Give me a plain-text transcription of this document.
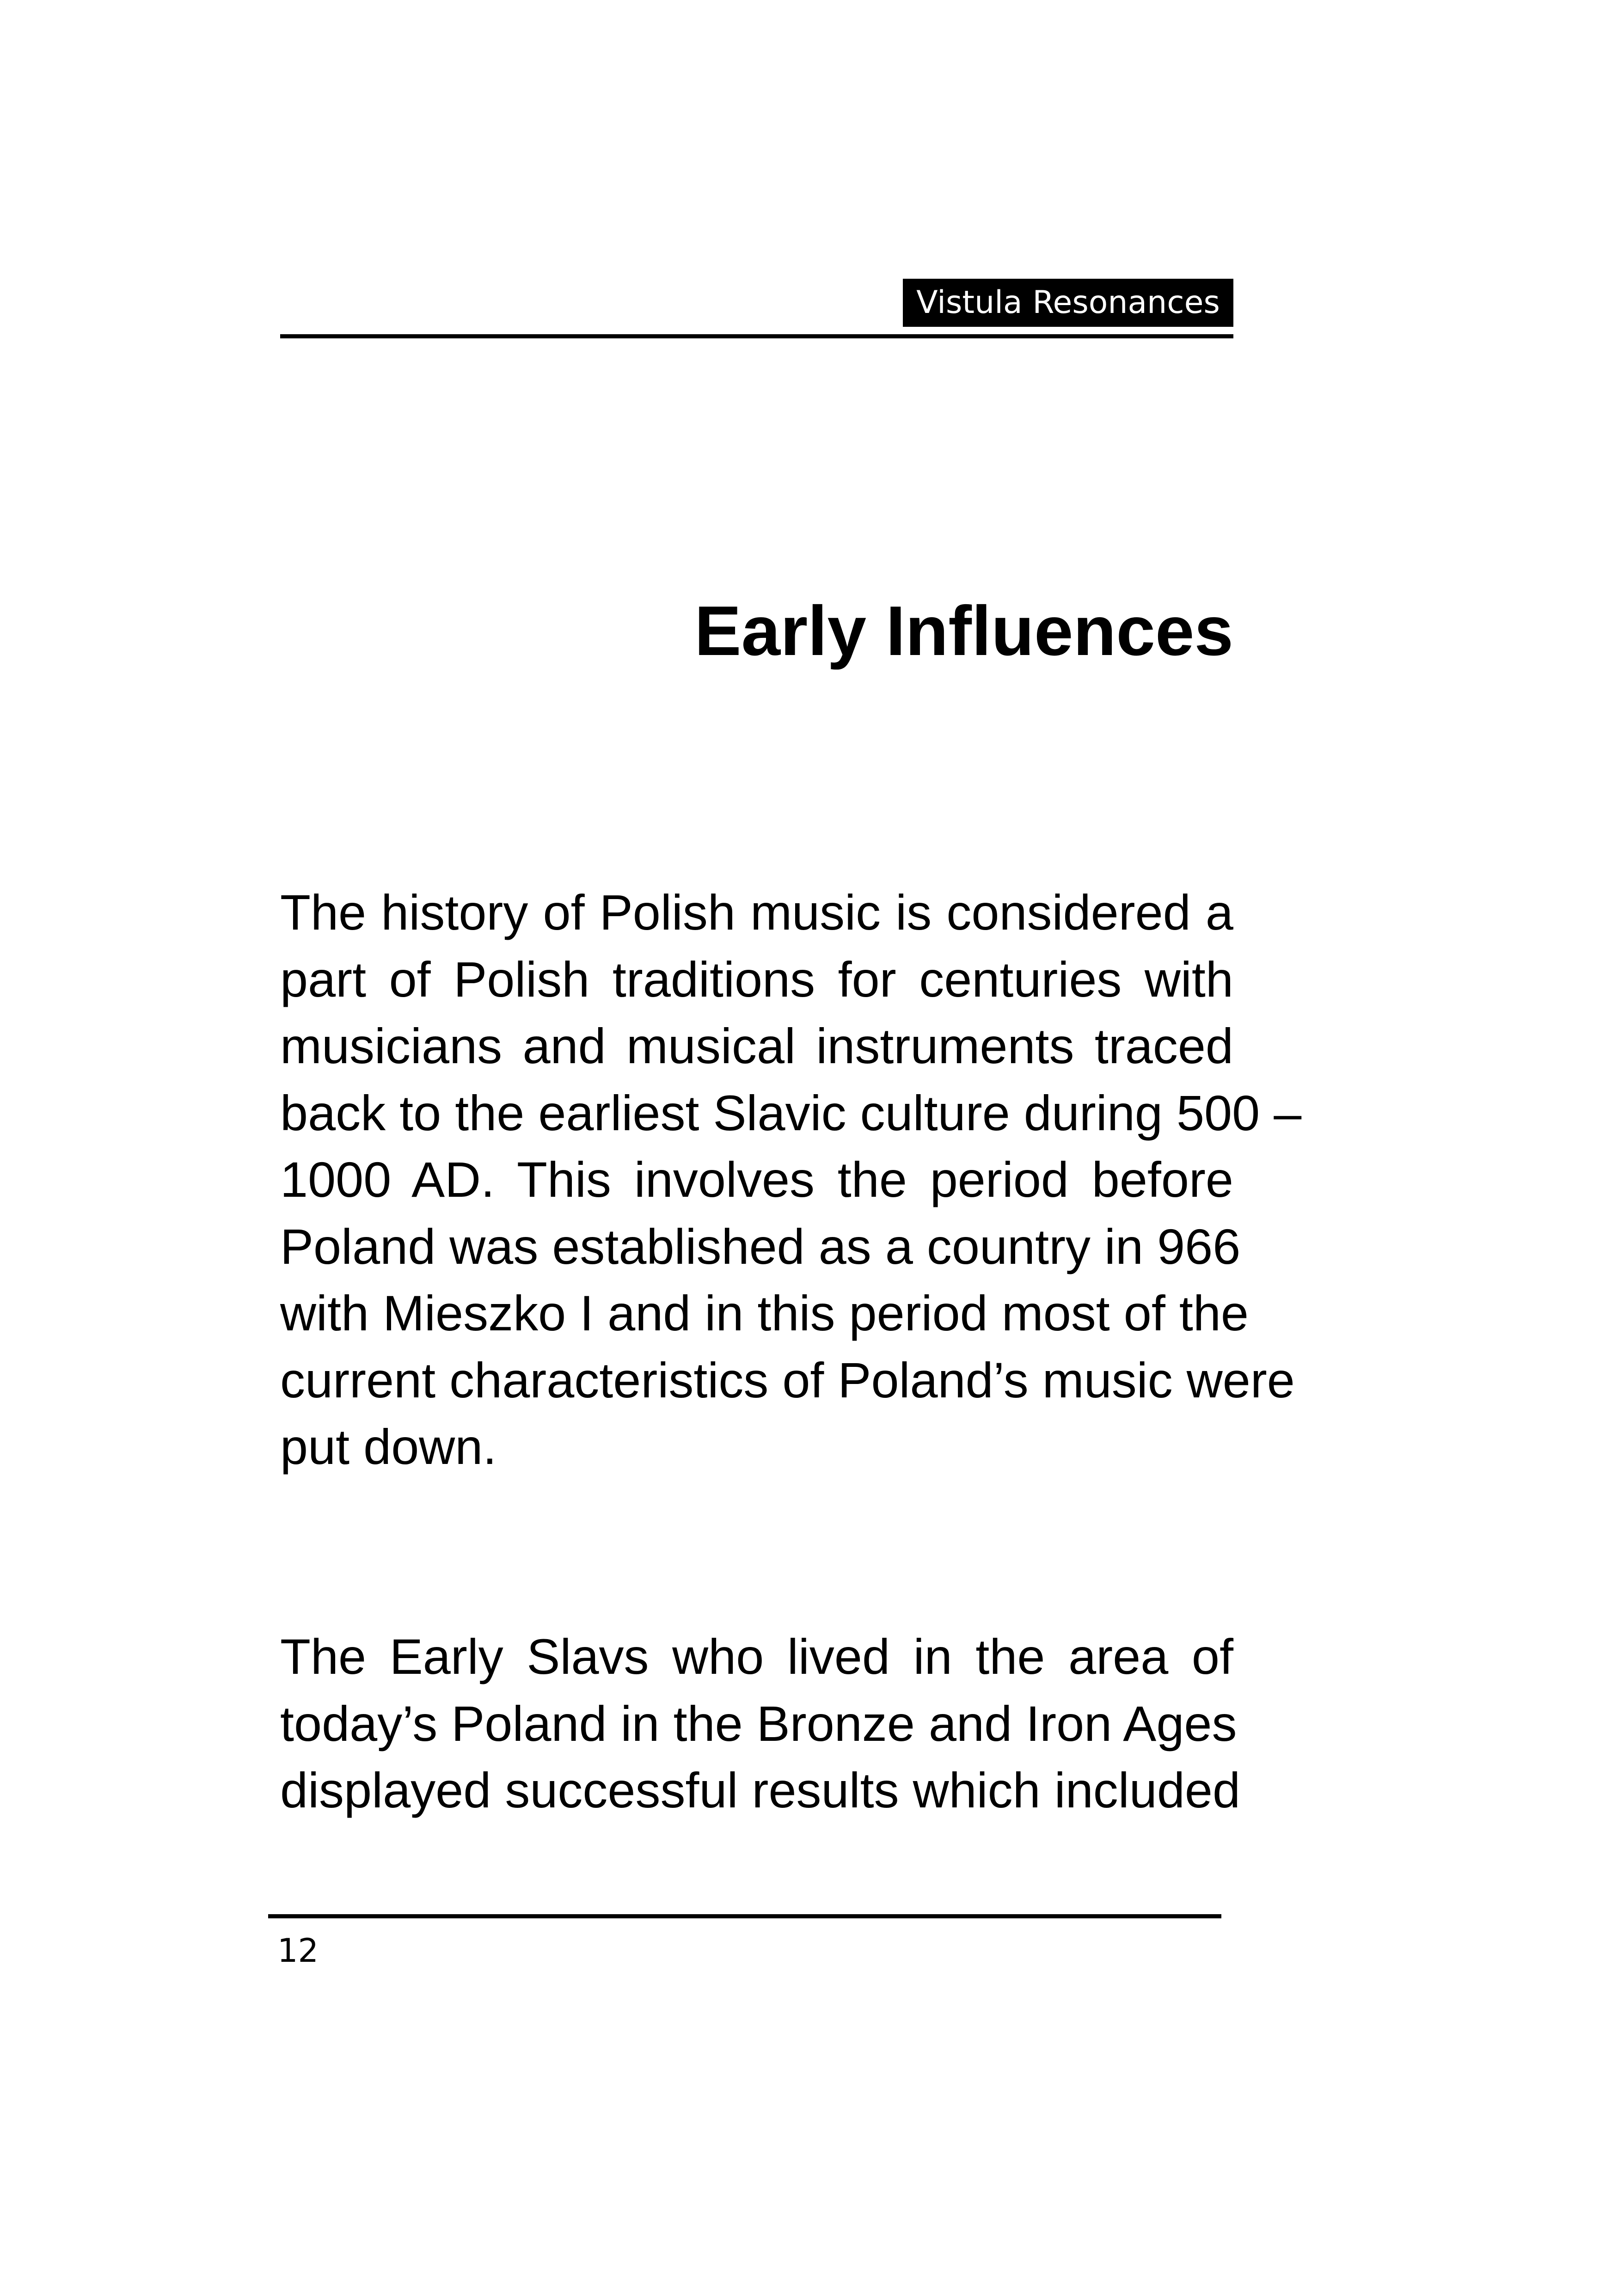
Vistula Resonances
Early Influences
The history of Polish music is considered a
part of Polish traditions for centuries with
musicians and musical instruments traced
back to the earliest Slavic culture during 500 –
1000 AD. This involves the period before
Poland was established as a country in 966
with Mieszko I and in this period most of the
current characteristics of Poland’s music were
put down.
The Early Slavs who lived in the area of
today’s Poland in the Bronze and Iron Ages
displayed successful results which included
12
